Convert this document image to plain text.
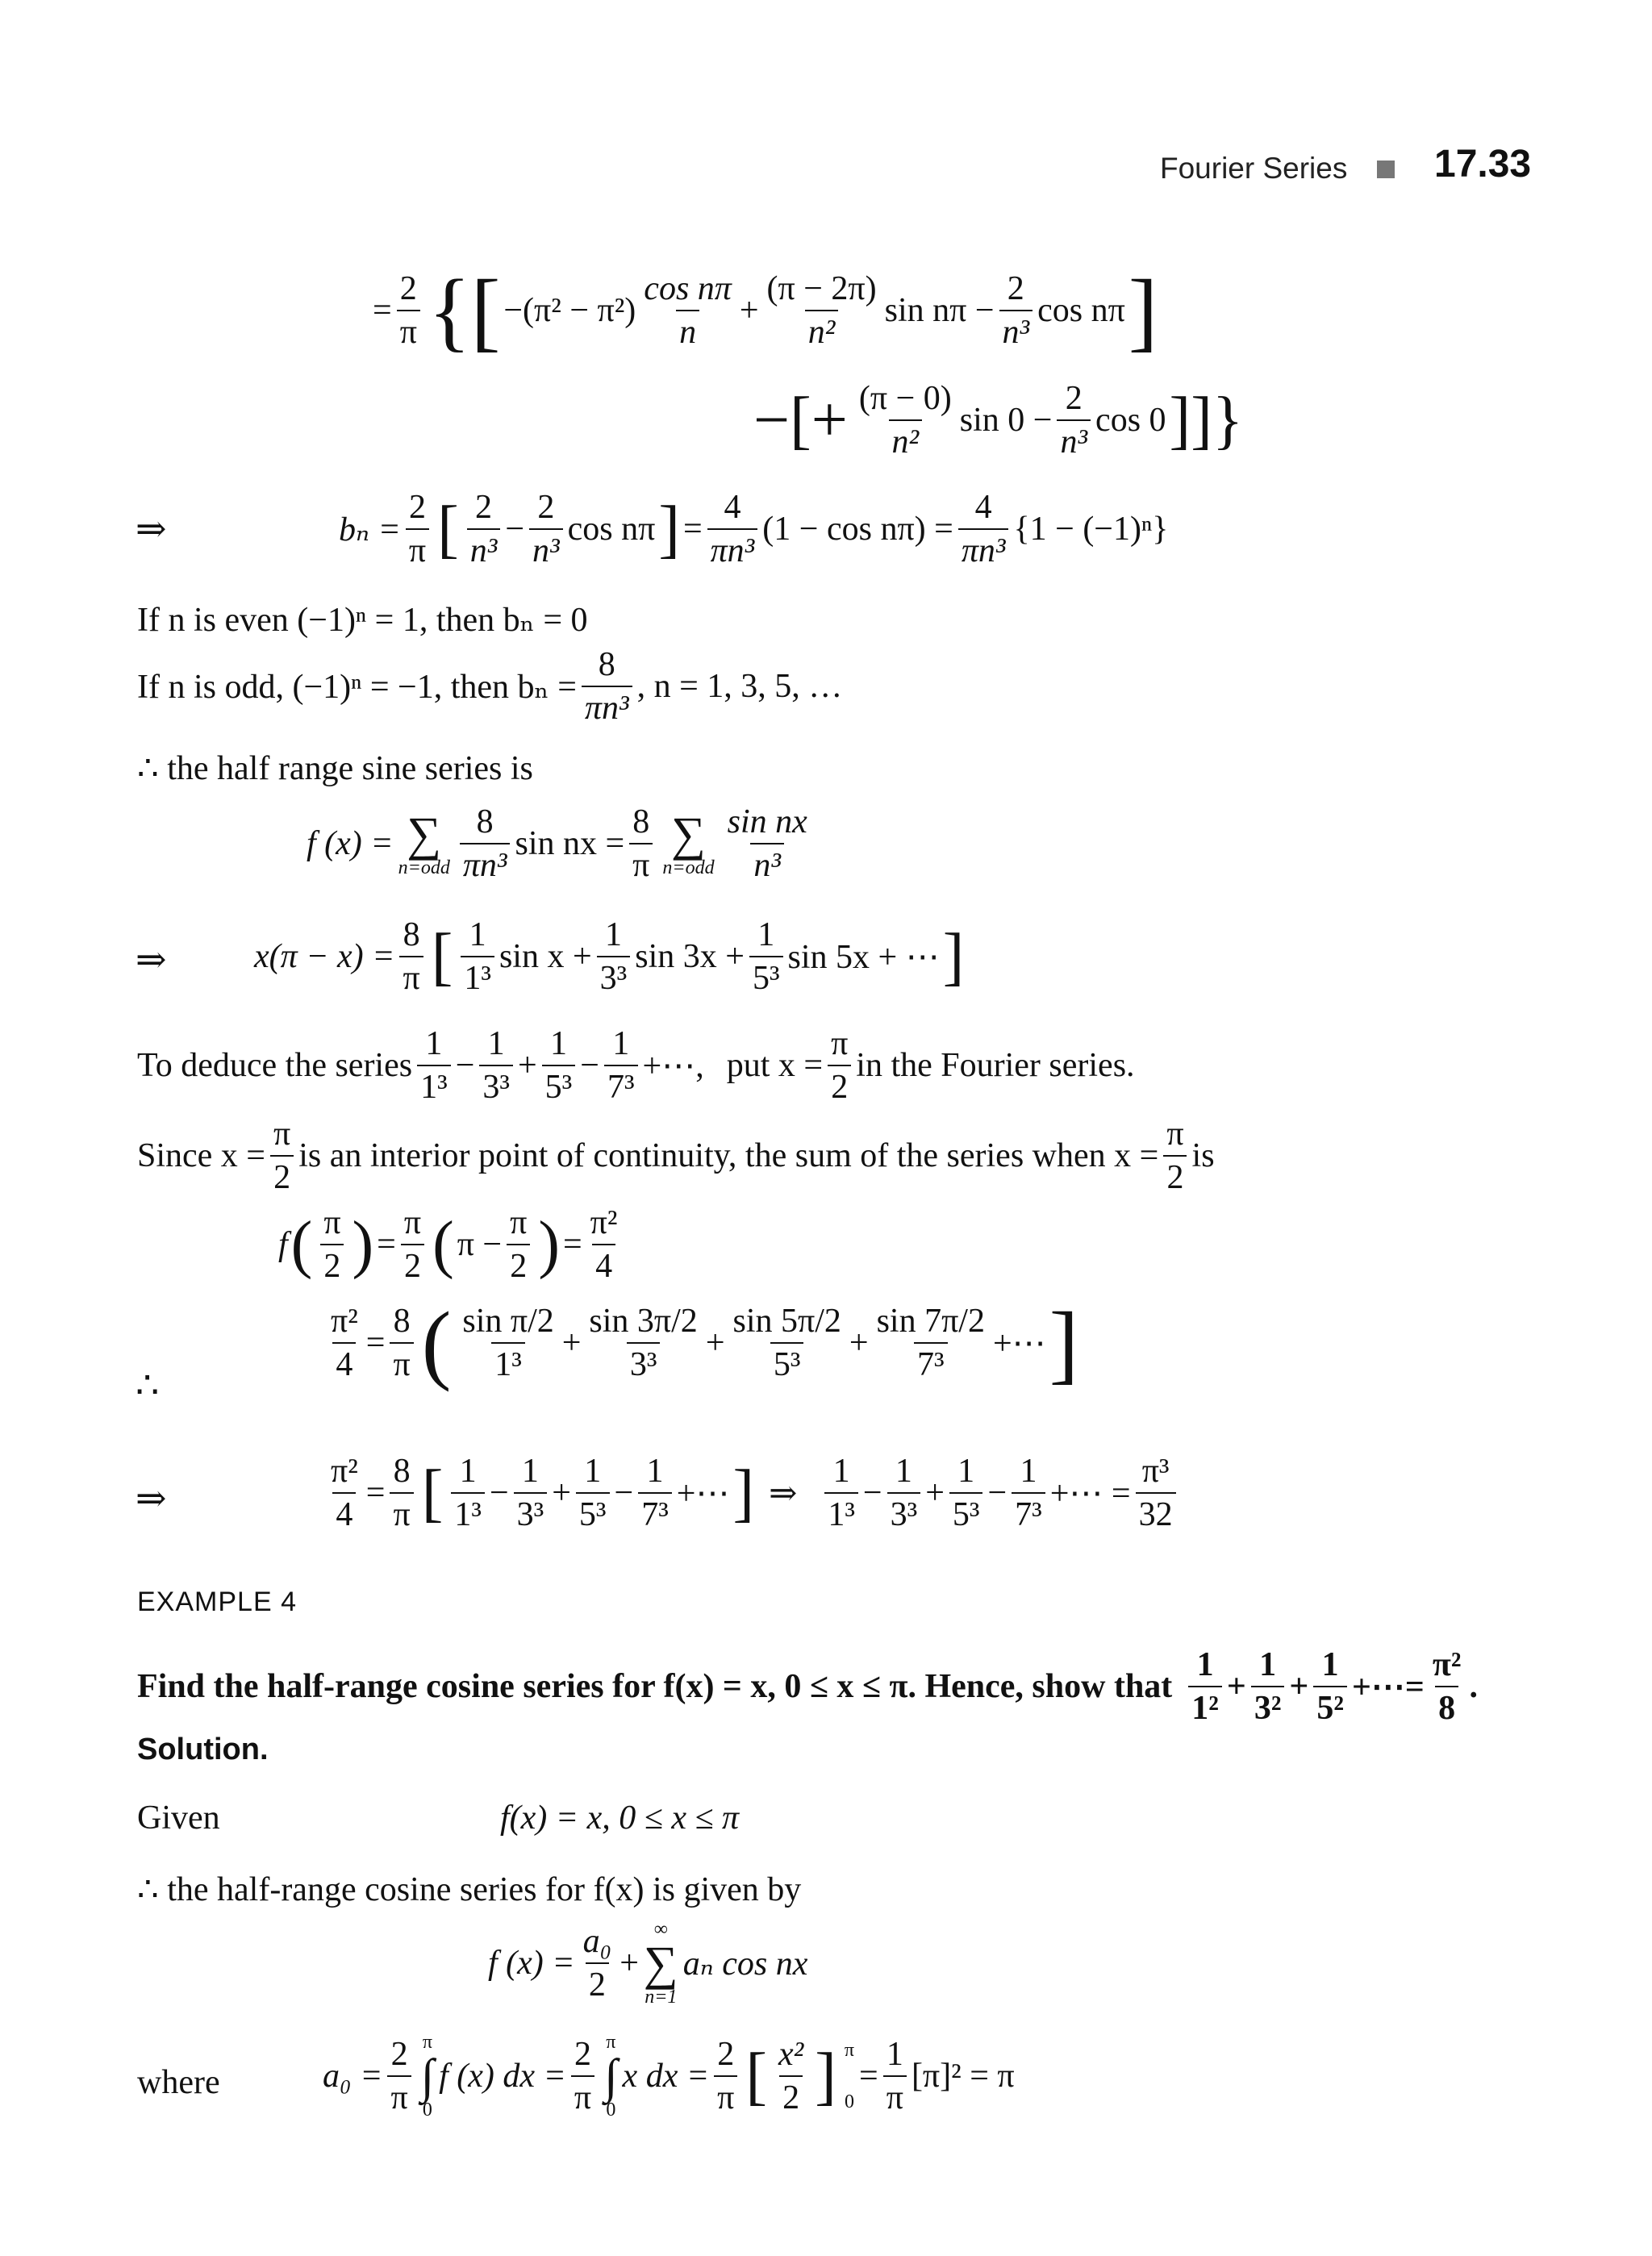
Fourier Series 17.33
= $\frac{2}{\pi}$ {[ $-(\pi^2 - \pi^2) \frac{\text{cos nπ}}{n} + \frac{(\pi - 2\pi)}{\text{n²}}$ $\sin n\pi - \frac{2}{\text{n³}}$ cos nπ ]
−[+ $\frac{(\pi - 0)}{\text{n²}}$ $\sin 0 - \frac{2}{\text{n³}}$ cos 0 ]]}
⇒	$b_n = \frac{2}{\pi}$ [ $\frac{2}{\text{n³}} - \frac{2}{\text{n³}}$ cos nπ ] = $\frac{4}{\text{πn³}} (1 - \cos n\pi) = \frac{4}{\text{πn³}} \{1 - (-1)^n\}$
If n is even (−1)ⁿ = 1, then bₙ = 0
If n is odd, (−1)ⁿ = −1, then $b_n = \frac{8}{\text{πn³}}$ , n = 1, 3, 5, …
∴ the half range sine series is
f (x) = ∑
$n=odd \frac{8}{\text{πn³}}$ sin nx = $\frac{8}{\pi}$ ∑
$n=odd \frac{\text{sin nx}}{\text{n³}}$
⇒	$x(\pi - x) = \frac{8}{\pi}$ [ $\frac{1}{\text{1³}}$ $\sin x + \frac{1}{\text{3³}}$ $\sin 3x + \frac{1}{\text{5³}}$ sin 5x + ⋯ ]
To deduce the series $\frac{1}{\text{1³}} - \frac{1}{\text{3³}} + \frac{1}{\text{5³}} - \frac{1}{\text{7³}}$ +⋯, put $x = \frac{\pi}{2}$ in the Fourier series.
Since $x = \frac{\pi}{2}$ is an interior point of continuity, the sum of the series when $x = \frac{\pi}{2}$ is
f ( $\frac{\pi}{2}$ ) = $\frac{\pi}{2}$ ( $\pi - \frac{\pi}{2}$ ) = $\frac{\text{π²}}{4}$
∴
$\frac{\text{π²}}{4} = \frac{8}{\pi}$ ( $\frac{\text{sin π/2}}{\text{1³}} + \frac{\sin 3\pi/2}{\text{3³}} + \frac{\sin 5\pi/2}{\text{5³}} + \frac{\sin 7\pi/2}{\text{7³}}$ +⋯ ]
⇒	$\frac{\text{π²}}{4} = \frac{8}{\pi}$ [ $\frac{1}{\text{1³}} - \frac{1}{\text{3³}} + \frac{1}{\text{5³}} - \frac{1}{\text{7³}}$ +⋯ ] ⇒ $\frac{1}{\text{1³}} - \frac{1}{\text{3³}} + \frac{1}{\text{5³}} - \frac{1}{\text{7³}}$ +⋯ = $\frac{\text{π³}}{32}$
EXAMPLE 4
Find the half-range cosine series for f(x) = x, 0 ≤ x ≤ π. Hence, show that $\frac{1}{\text{1²}} + \frac{1}{\text{3²}} + \frac{1}{\text{5²}}$ +⋯= $\frac{\text{π²}}{8}$ .
Solution.
Given	f(x) = x, 0 ≤ x ≤ π
∴ the half-range cosine series for f(x) is given by
f $(x) = \frac{\text{a₀}}{2}$ +
∞
∑
n=1
aₙ cos nx
where	$a_0 = \frac{2}{\pi}$ π
∫
0
f (x) dx = $\frac{2}{\pi}$ π
∫
0
x dx = $\frac{2}{\pi}$ [ $\frac{\text{x²}}{2}$ ] π

0
= $\frac{1}{\pi} [\pi]^2 = \pi$
